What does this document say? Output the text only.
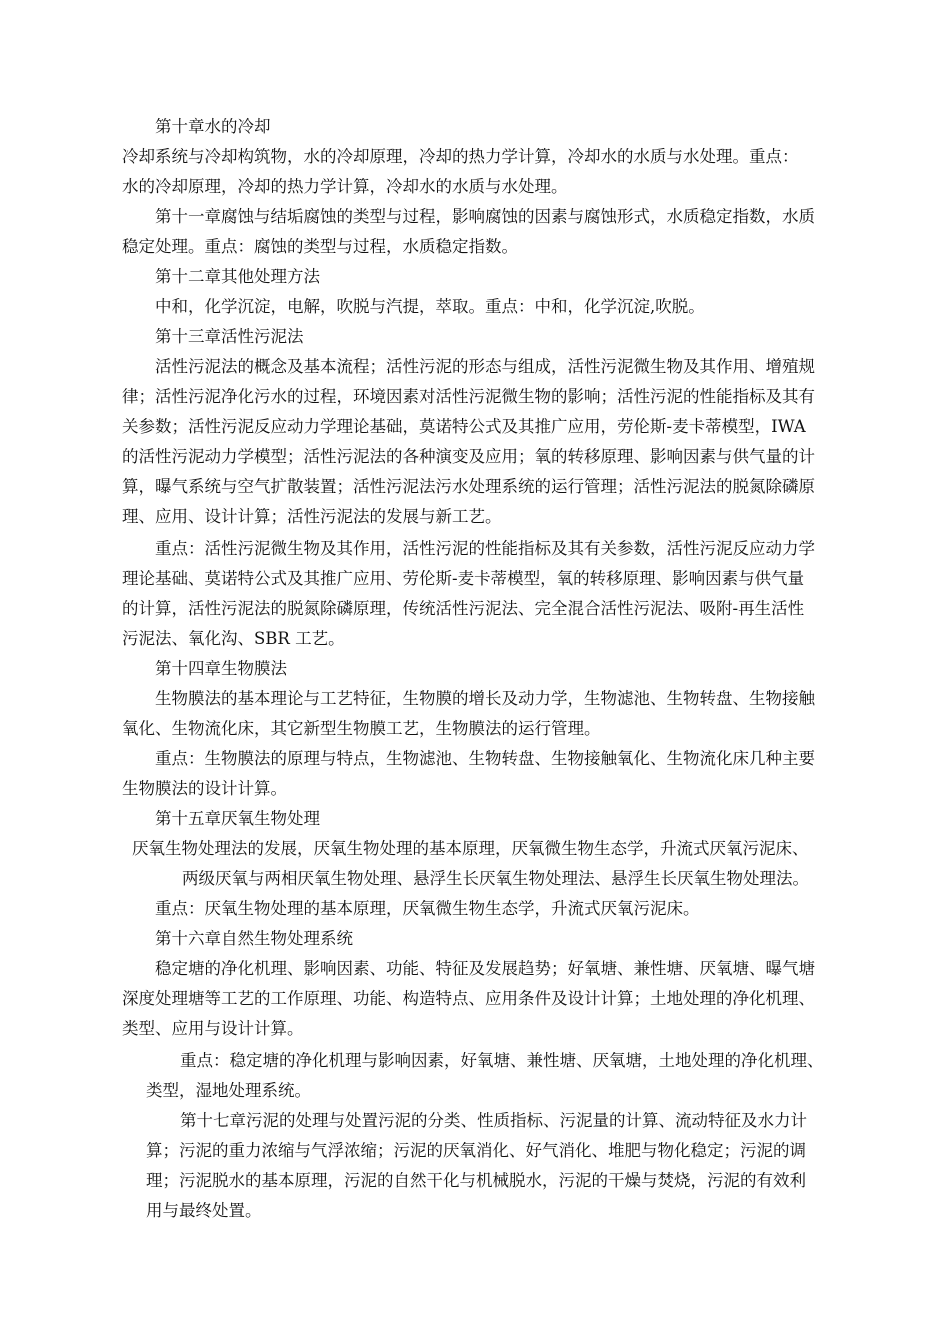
第十章水的冷却
冷却系统与冷却构筑物，水的冷却原理，冷却的热力学计算，冷却水的水质与水处理。重点：
水的冷却原理，冷却的热力学计算，冷却水的水质与水处理。
第十一章腐蚀与结垢腐蚀的类型与过程，影响腐蚀的因素与腐蚀形式，水质稳定指数，水质
稳定处理。重点：腐蚀的类型与过程，水质稳定指数。
第十二章其他处理方法
中和，化学沉淀，电解，吹脱与汽提，萃取。重点：中和，化学沉淀,吹脱。
第十三章活性污泥法
活性污泥法的概念及基本流程；活性污泥的形态与组成，活性污泥微生物及其作用、增殖规
律；活性污泥净化污水的过程，环境因素对活性污泥微生物的影响；活性污泥的性能指标及其有
关参数；活性污泥反应动力学理论基础，莫诺特公式及其推广应用，劳伦斯-麦卡蒂模型，IWA
的活性污泥动力学模型；活性污泥法的各种演变及应用；氧的转移原理、影响因素与供气量的计
算，曝气系统与空气扩散装置；活性污泥法污水处理系统的运行管理；活性污泥法的脱氮除磷原
理、应用、设计计算；活性污泥法的发展与新工艺。
重点：活性污泥微生物及其作用，活性污泥的性能指标及其有关参数，活性污泥反应动力学
理论基础、莫诺特公式及其推广应用、劳伦斯-麦卡蒂模型，氧的转移原理、影响因素与供气量
的计算，活性污泥法的脱氮除磷原理，传统活性污泥法、完全混合活性污泥法、吸附-再生活性
污泥法、氧化沟、SBR 工艺。
第十四章生物膜法
生物膜法的基本理论与工艺特征，生物膜的增长及动力学，生物滤池、生物转盘、生物接触
氧化、生物流化床，其它新型生物膜工艺，生物膜法的运行管理。
重点：生物膜法的原理与特点，生物滤池、生物转盘、生物接触氧化、生物流化床几种主要
生物膜法的设计计算。
第十五章厌氧生物处理
厌氧生物处理法的发展，厌氧生物处理的基本原理，厌氧微生物生态学，升流式厌氧污泥床、
两级厌氧与两相厌氧生物处理、悬浮生长厌氧生物处理法、悬浮生长厌氧生物处理法。
重点：厌氧生物处理的基本原理，厌氧微生物生态学，升流式厌氧污泥床。
第十六章自然生物处理系统
稳定塘的净化机理、影响因素、功能、特征及发展趋势；好氧塘、兼性塘、厌氧塘、曝气塘
深度处理塘等工艺的工作原理、功能、构造特点、应用条件及设计计算；土地处理的净化机理、
类型、应用与设计计算。
重点：稳定塘的净化机理与影响因素，好氧塘、兼性塘、厌氧塘，土地处理的净化机理、
类型，湿地处理系统。
第十七章污泥的处理与处置污泥的分类、性质指标、污泥量的计算、流动特征及水力计
算；污泥的重力浓缩与气浮浓缩；污泥的厌氧消化、好气消化、堆肥与物化稳定；污泥的调
理；污泥脱水的基本原理，污泥的自然干化与机械脱水，污泥的干燥与焚烧，污泥的有效利
用与最终处置。
